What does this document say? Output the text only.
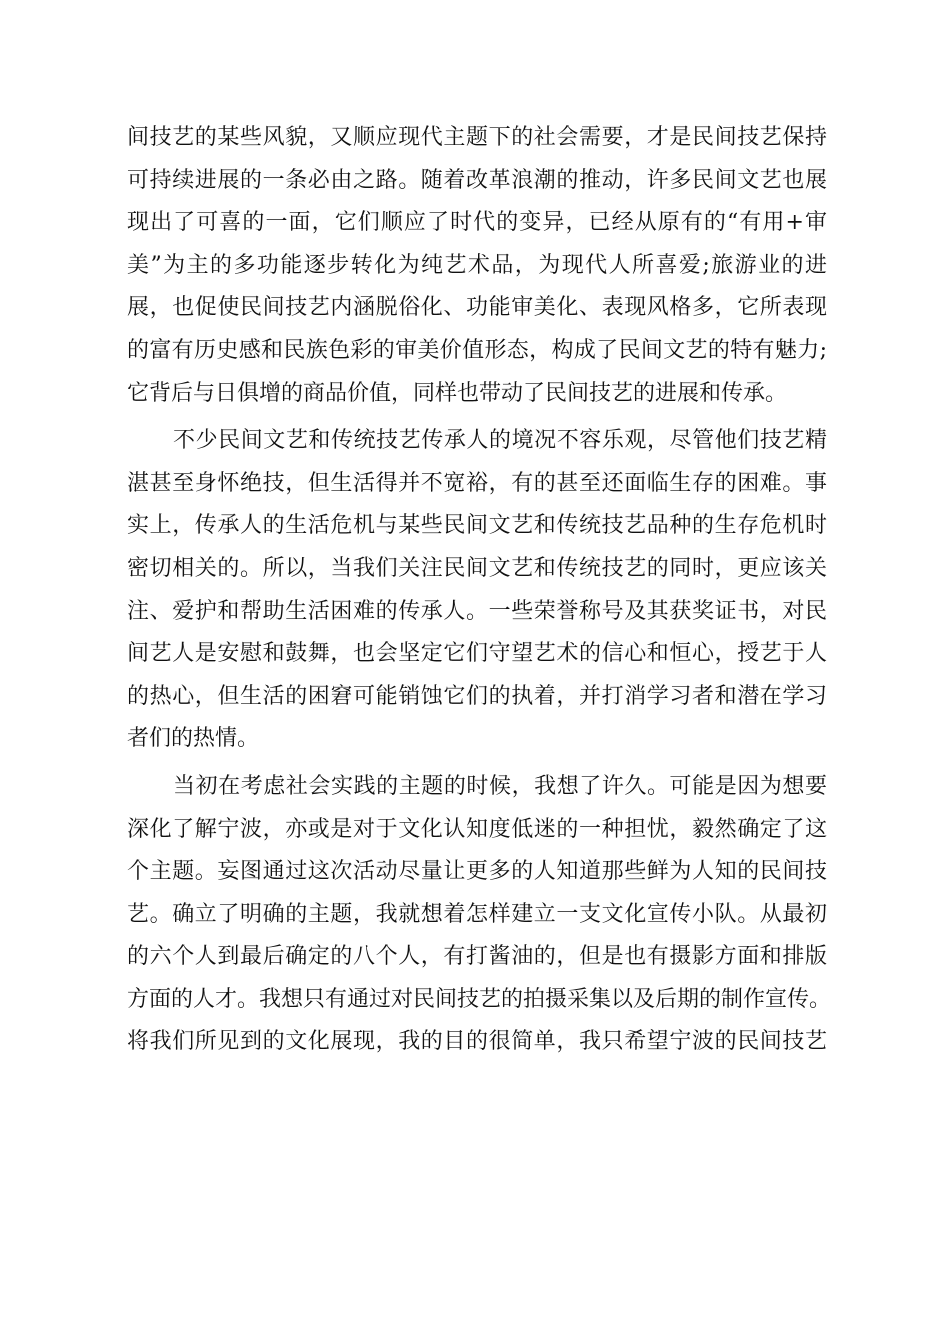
间技艺的某些风貌，又顺应现代主题下的社会需要，才是民间技艺保持
可持续进展的一条必由之路。随着改革浪潮的推动，许多民间文艺也展
现出了可喜的一面，它们顺应了时代的变异，已经从原有的“有用+审
美”为主的多功能逐步转化为纯艺术品，为现代人所喜爱;旅游业的进
展，也促使民间技艺内涵脱俗化、功能审美化、表现风格多，它所表现
的富有历史感和民族色彩的审美价值形态，构成了民间文艺的特有魅力;
它背后与日俱增的商品价值，同样也带动了民间技艺的进展和传承。
不少民间文艺和传统技艺传承人的境况不容乐观，尽管他们技艺精
湛甚至身怀绝技，但生活得并不宽裕，有的甚至还面临生存的困难。事
实上，传承人的生活危机与某些民间文艺和传统技艺品种的生存危机时
密切相关的。所以，当我们关注民间文艺和传统技艺的同时，更应该关
注、爱护和帮助生活困难的传承人。一些荣誉称号及其获奖证书，对民
间艺人是安慰和鼓舞，也会坚定它们守望艺术的信心和恒心，授艺于人
的热心，但生活的困窘可能销蚀它们的执着，并打消学习者和潜在学习
者们的热情。
当初在考虑社会实践的主题的时候，我想了许久。可能是因为想要
深化了解宁波，亦或是对于文化认知度低迷的一种担忧，毅然确定了这
个主题。妄图通过这次活动尽量让更多的人知道那些鲜为人知的民间技
艺。确立了明确的主题，我就想着怎样建立一支文化宣传小队。从最初
的六个人到最后确定的八个人，有打酱油的，但是也有摄影方面和排版
方面的人才。我想只有通过对民间技艺的拍摄采集以及后期的制作宣传。
将我们所见到的文化展现，我的目的很简单，我只希望宁波的民间技艺
